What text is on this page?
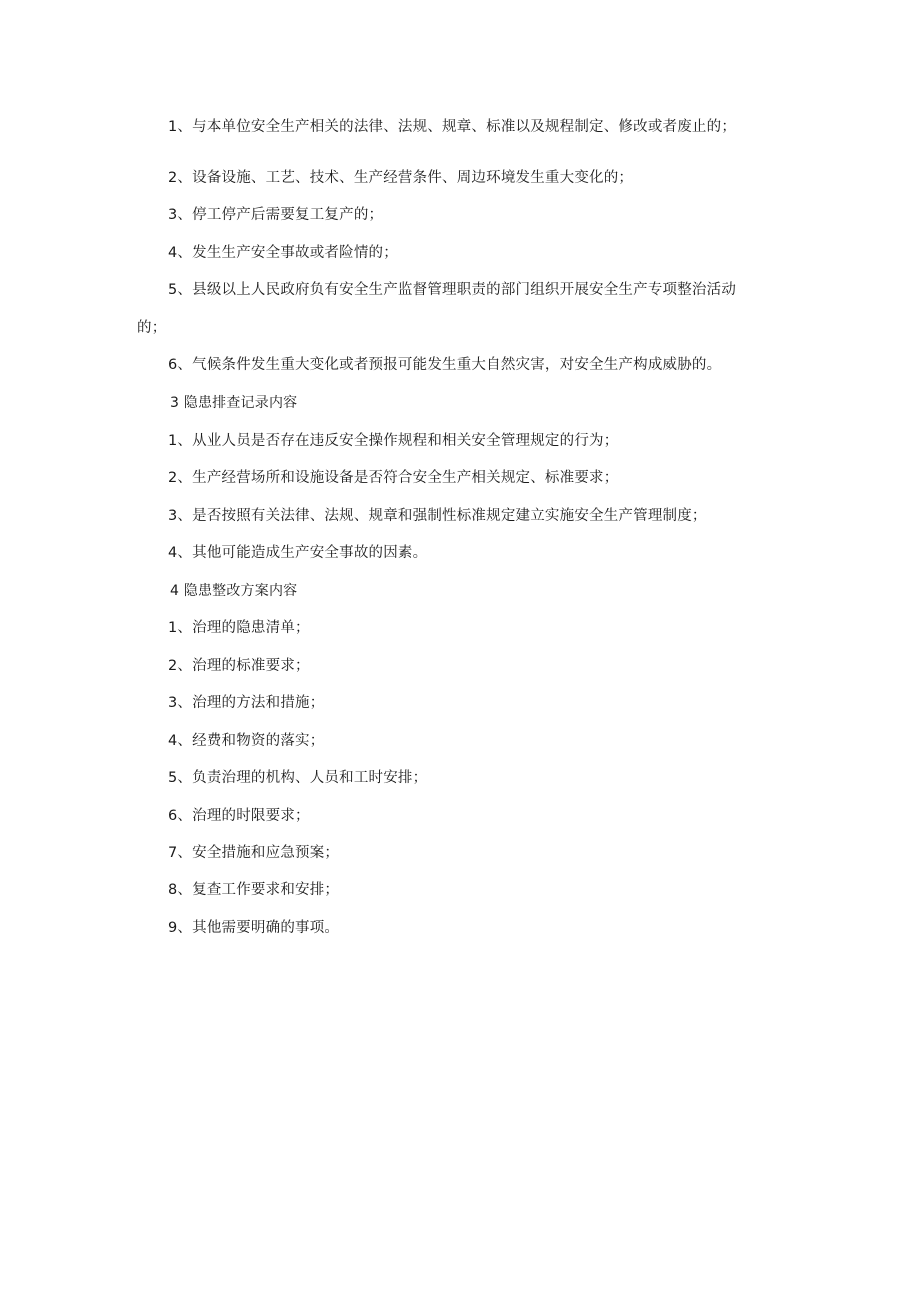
1、与本单位安全生产相关的法律、法规、规章、标准以及规程制定、修改或者废止的；
2、设备设施、工艺、技术、生产经营条件、周边环境发生重大变化的；
3、停工停产后需要复工复产的；
4、发生生产安全事故或者险情的；
5、县级以上人民政府负有安全生产监督管理职责的部门组织开展安全生产专项整治活动
的；
6、气候条件发生重大变化或者预报可能发生重大自然灾害，对安全生产构成威胁的。
3 隐患排查记录内容
1、从业人员是否存在违反安全操作规程和相关安全管理规定的行为；
2、生产经营场所和设施设备是否符合安全生产相关规定、标准要求；
3、是否按照有关法律、法规、规章和强制性标准规定建立实施安全生产管理制度；
4、其他可能造成生产安全事故的因素。
4 隐患整改方案内容
1、治理的隐患清单；
2、治理的标准要求；
3、治理的方法和措施；
4、经费和物资的落实；
5、负责治理的机构、人员和工时安排；
6、治理的时限要求；
7、安全措施和应急预案；
8、复查工作要求和安排；
9、其他需要明确的事项。
